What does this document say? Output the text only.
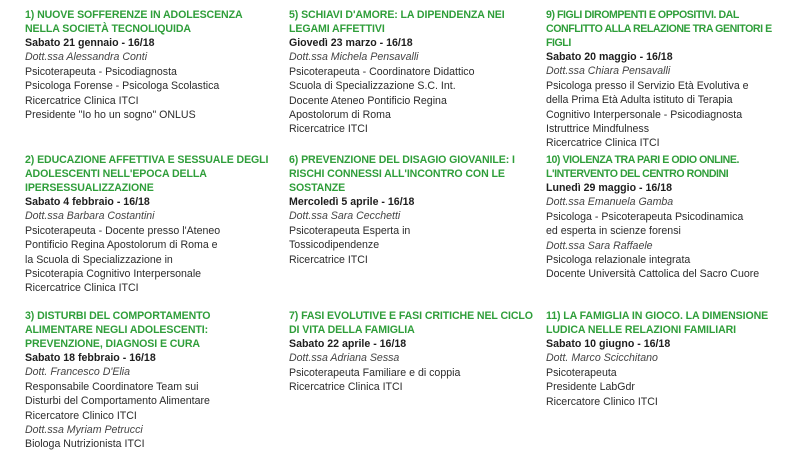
1) NUOVE SOFFERENZE IN ADOLESCENZA NELLA SOCIETÀ TECNOLIQUIDA

Sabato 21 gennaio - 16/18

Dott.ssa Alessandra Conti

Psicoterapeuta - Psicodiagnosta

Psicologa Forense - Psicologa Scolastica

Ricercatrice Clinica ITCI

Presidente "Io ho un sogno" ONLUS

2) EDUCAZIONE AFFETTIVA E SESSUALE DEGLI ADOLESCENTI NELL'EPOCA DELLA IPERSESSUALIZZAZIONE

Sabato 4 febbraio - 16/18

Dott.ssa Barbara Costantini

Psicoterapeuta - Docente presso l'Ateneo

Pontificio Regina Apostolorum di Roma e

la Scuola di Specializzazione in

Psicoterapia Cognitivo Interpersonale

Ricercatrice Clinica ITCI

3) DISTURBI DEL COMPORTAMENTO ALIMENTARE NEGLI ADOLESCENTI: PREVENZIONE, DIAGNOSI E CURA

Sabato 18 febbraio - 16/18

Dott. Francesco D'Elia

Responsabile Coordinatore Team sui

Disturbi del Comportamento Alimentare

Ricercatore Clinico ITCI

Dott.ssa Myriam Petrucci

Biologa Nutrizionista ITCI

5) SCHIAVI D'AMORE: LA DIPENDENZA NEI LEGAMI AFFETTIVI

Giovedì 23 marzo - 16/18

Dott.ssa Michela Pensavalli

Psicoterapeuta - Coordinatore Didattico

Scuola di Specializzazione S.C. Int.

Docente Ateneo Pontificio Regina

Apostolorum di Roma

Ricercatrice ITCI

6) PREVENZIONE DEL DISAGIO GIOVANILE: I RISCHI CONNESSI ALL'INCONTRO CON LE SOSTANZE

Mercoledì 5 aprile - 16/18

Dott.ssa Sara Cecchetti

Psicoterapeuta Esperta in

Tossicodipendenze

Ricercatrice ITCI

7) FASI EVOLUTIVE E FASI CRITICHE NEL CICLO DI VITA DELLA FAMIGLIA

Sabato 22 aprile - 16/18

Dott.ssa Adriana Sessa

Psicoterapeuta Familiare e di coppia

Ricercatrice Clinica ITCI

9) FIGLI DIROMPENTI E OPPOSITIVI. DAL CONFLITTO ALLA RELAZIONE TRA GENITORI E FIGLI

Sabato 20 maggio - 16/18

Dott.ssa Chiara Pensavalli

Psicologa presso il Servizio Età Evolutiva e

della Prima Età Adulta istituto di Terapia

Cognitivo Interpersonale - Psicodiagnosta

Istruttrice Mindfulness

Ricercatrice Clinica ITCI

10) VIOLENZA TRA PARI E ODIO ONLINE. L'INTERVENTO DEL CENTRO RONDINI

Lunedì 29 maggio - 16/18

Dott.ssa Emanuela Gamba

Psicologa - Psicoterapeuta Psicodinamica

ed esperta in scienze forensi

Dott.ssa Sara Raffaele

Psicologa relazionale integrata

Docente Università Cattolica del Sacro Cuore

11) LA FAMIGLIA IN GIOCO. LA DIMENSIONE LUDICA NELLE RELAZIONI FAMILIARI

Sabato 10 giugno - 16/18

Dott. Marco Scicchitano

Psicoterapeuta

Presidente LabGdr

Ricercatore Clinico ITCI
